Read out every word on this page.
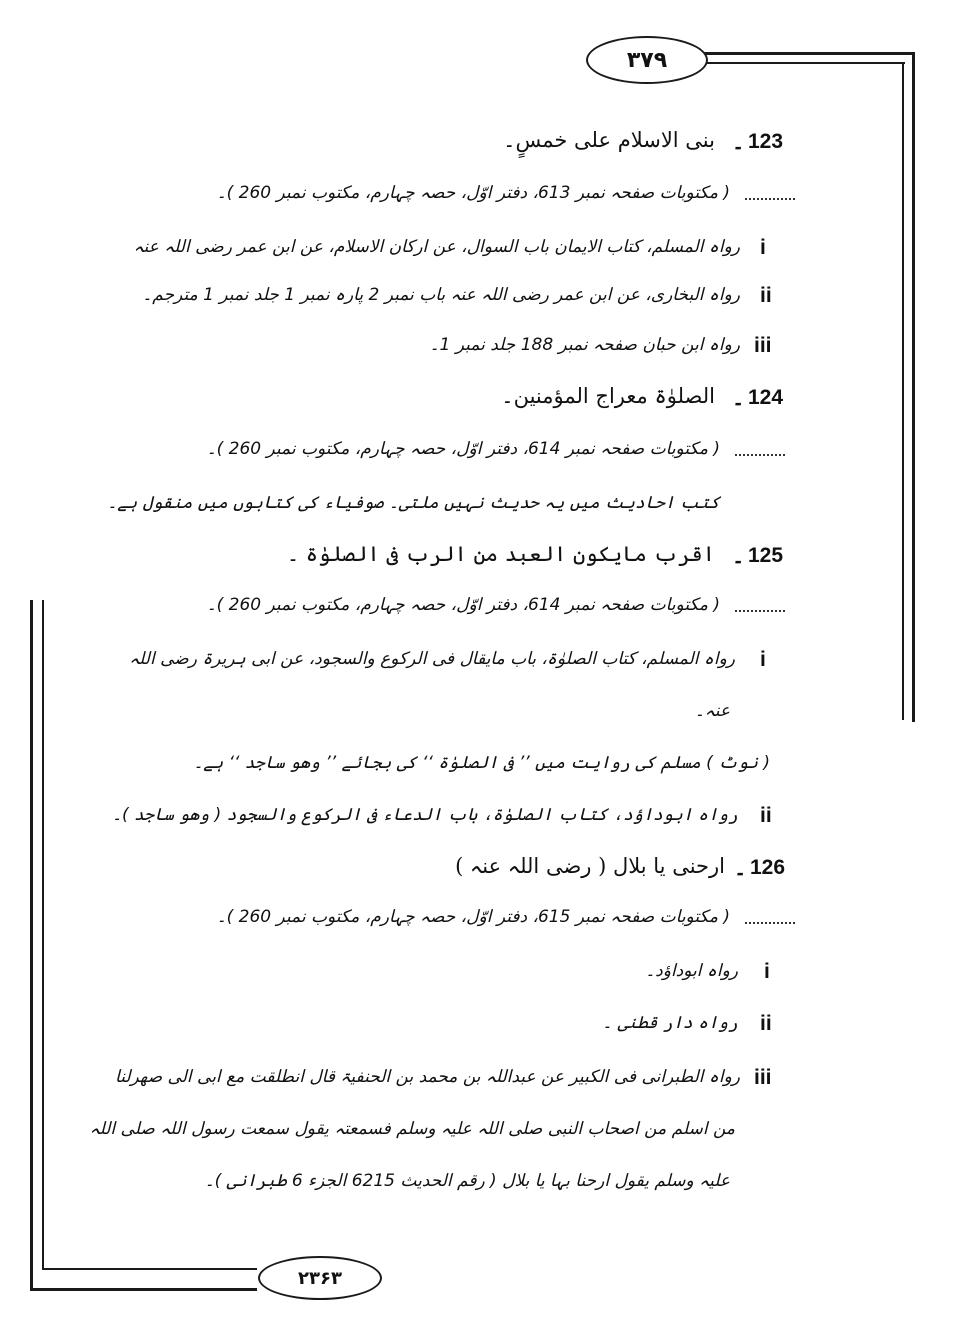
۳۷۹
۲۳۶۳
123
۔
بنی الاسلام علی خمسٍ۔
( مکتوبات صفحہ نمبر 613، دفتر اوّل، حصہ چہارم، مکتوب نمبر 260 )۔
i
رواہ المسلم، کتاب الایمان باب السوال، عن ارکان الاسلام، عن ابن عمر رضی اللہ عنہ
ii
رواہ البخاری، عن ابن عمر رضی اللہ عنہ باب نمبر 2 پارہ نمبر 1 جلد نمبر 1 مترجم۔
iii
رواہ ابن حبان صفحہ نمبر 188 جلد نمبر 1۔
124
۔
الصلوٰۃ معراج المؤمنین۔
( مکتوبات صفحہ نمبر 614، دفتر اوّل، حصہ چہارم، مکتوب نمبر 260 )۔
کتب احادیث میں یہ حدیث نہیں ملتی۔ صوفیاء کی کتابوں میں منقول ہے۔
125
۔
اقرب مایکون العبد من الرب فی الصلوٰۃ ۔
( مکتوبات صفحہ نمبر 614، دفتر اوّل، حصہ چہارم، مکتوب نمبر 260 )۔
i
رواہ المسلم، کتاب الصلوٰۃ، باب مایقال فی الرکوع والسجود، عن ابی ہریرۃ رضی اللہ
عنہ۔
( نوٹ ) مسلم کی روایت میں ’’ فی الصلوٰۃ ‘‘ کی بجائے ’’ وھو ساجد ‘‘ ہے۔
ii
رواہ ابوداؤد، کتاب الصلوٰۃ، باب الدعاء فی الرکوع والسجود ( وھو ساجد )۔
126
۔
ارحنی یا بلال ( رضی اللہ عنہ )
( مکتوبات صفحہ نمبر 615، دفتر اوّل، حصہ چہارم، مکتوب نمبر 260 )۔
i
رواہ ابوداؤد۔
ii
رواہ دار قطنی ۔
iii
رواہ الطبرانی فی الکبیر عن عبداللہ بن محمد بن الحنفیۃ قال انطلقت مع ابی الی صھرلنا
من اسلم من اصحاب النبی صلی اللہ علیہ وسلم فسمعتہ یقول سمعت رسول اللہ صلی اللہ
علیہ وسلم یقول ارحنا بہا یا بلال ( رقم الحدیث 6215 الجزء 6 طبرانی )۔
